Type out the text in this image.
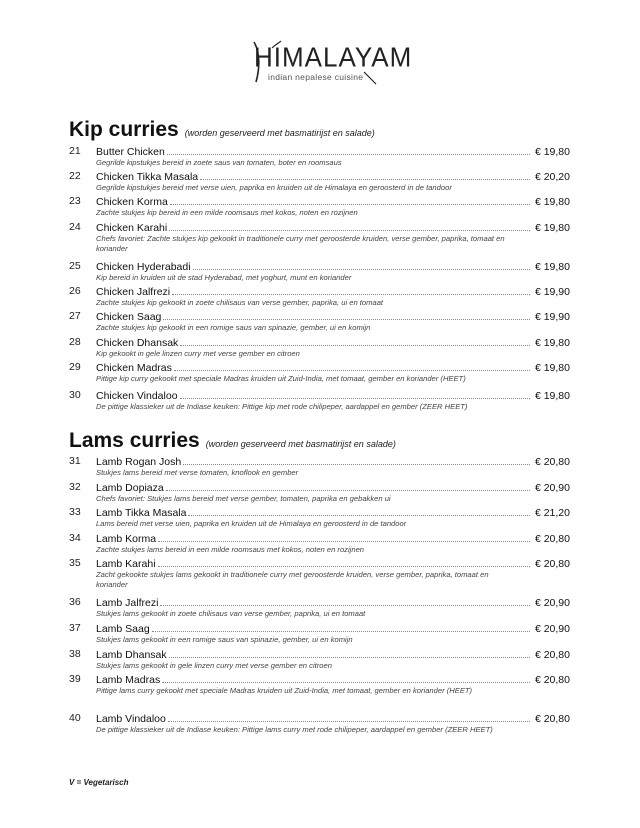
HIMALAYAM
indian nepalese cuisine
Kip curries (worden geserveerd met basmatirijst en salade)
21 Butter Chicken	€ 19,80
Gegrilde kipstukjes bereid in zoete saus van tomaten, boter en roomsaus
22 Chicken Tikka Masala	€ 20,20
Gegrilde kipstukjes bereid met verse uien, paprika en kruiden uit de Himalaya en geroosterd in de tandoor
23 Chicken Korma	€ 19,80
Zachte stukjes kip bereid in een milde roomsaus met kokos, noten en rozijnen
24 Chicken Karahi	€ 19,80
Chefs favoriet: Zachte stukjes kip gekookt in traditionele curry met geroosterde kruiden, verse gember, paprika, tomaat en koriander
25 Chicken Hyderabadi	€ 19,80
Kip bereid in kruiden uit de stad Hyderabad, met yoghurt, munt en koriander
26 Chicken Jalfrezi	€ 19,90
Zachte stukjes kip gekookt in zoete chilisaus van verse gember, paprika, ui en tomaat
27 Chicken Saag	€ 19,90
Zachte stukjes kip gekookt in een romige saus van spinazie, gember, ui en komijn
28 Chicken Dhansak	€ 19,80
Kip gekookt in gele linzen curry met verse gember en citroen
29 Chicken Madras	€ 19,80
Pittige kip curry gekookt met speciale Madras kruiden uit Zuid-India, met tomaat, gember en koriander (HEET)
30 Chicken Vindaloo	€ 19,80
De pittige klassieker uit de Indiase keuken: Pittige kip met rode chilipeper, aardappel en gember (ZEER HEET)
Lams curries (worden geserveerd met basmatirijst en salade)
31 Lamb Rogan Josh	€ 20,80
Stukjes lams bereid met verse tomaten, knoflook en gember
32 Lamb Dopiaza	€ 20,90
Chefs favoriet: Stukjes lams bereid met verse gember, tomaten, paprika en gebakken ui
33 Lamb Tikka Masala	€ 21,20
Lams bereid met verse uien, paprika en kruiden uit de Himalaya en geroosterd in de tandoor
34 Lamb Korma	€ 20,80
Zachte stukjes lams bereid in een milde roomsaus met kokos, noten en rozijnen
35 Lamb Karahi	€ 20,80
Zacht gekookte stukjes lams gekookt in traditionele curry met geroosterde kruiden, verse gember, paprika, tomaat en koriander
36 Lamb Jalfrezi	€ 20,90
Stukjes lams gekookt in zoete chilisaus van verse gember, paprika, ui en tomaat
37 Lamb Saag	€ 20,90
Stukjes lams gekookt in een romige saus van spinazie, gember, ui en komijn
38 Lamb Dhansak	€ 20,80
Stukjes lams gekookt in gele linzen curry met verse gember en citroen
39 Lamb Madras	€ 20,80
Pittige lams curry gekookt met speciale Madras kruiden uit Zuid-India, met tomaat, gember en koriander (HEET)
40 Lamb Vindaloo	€ 20,80
De pittige klassieker uit de Indiase keuken: Pittige lams curry met rode chilipeper, aardappel en gember (ZEER HEET)
V = Vegetarisch
